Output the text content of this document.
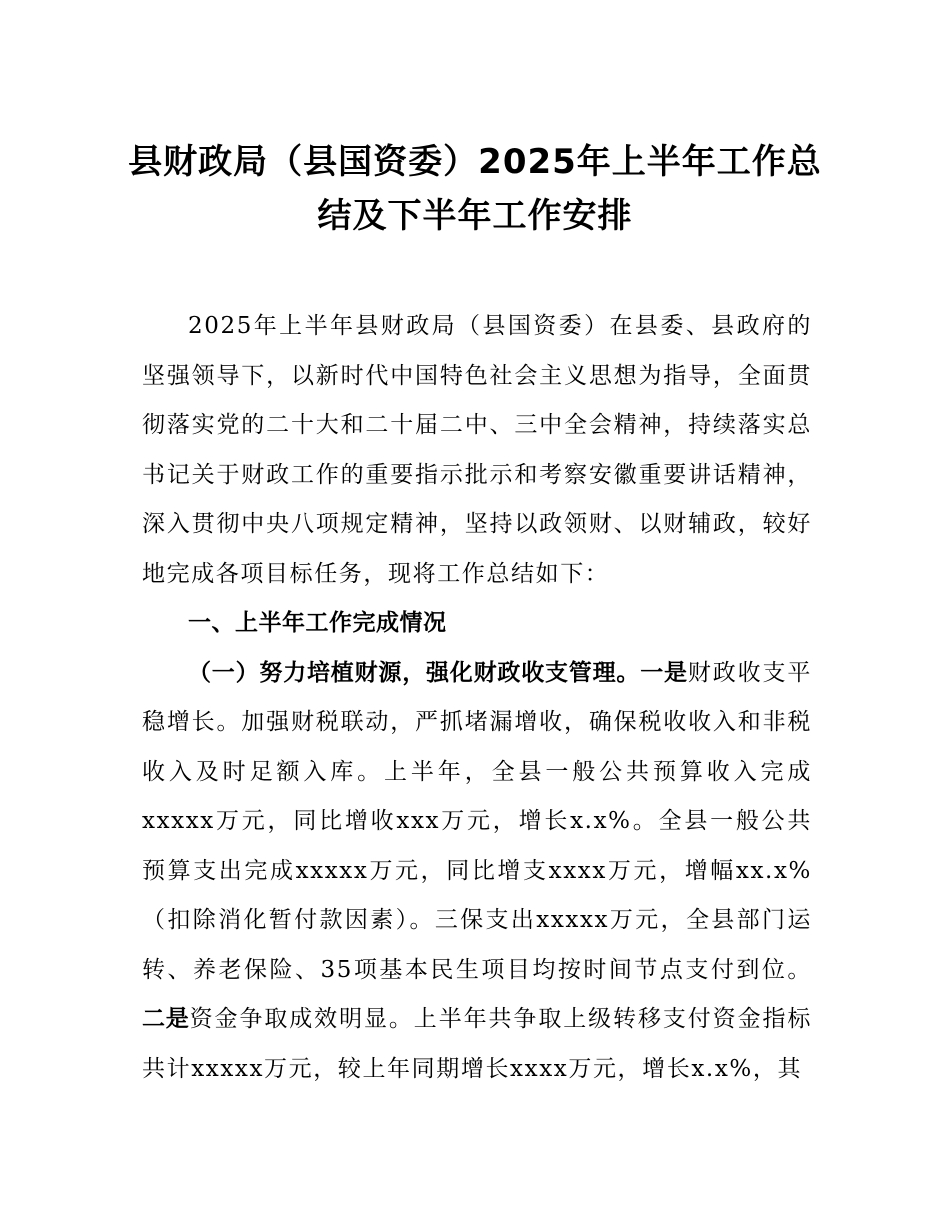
县财政局（县国资委）2025年上半年工作总
结及下半年工作安排

2025年上半年县财政局（县国资委）在县委、县政府的坚强领导下，以新时代中国特色社会主义思想为指导，全面贯彻落实党的二十大和二十届二中、三中全会精神，持续落实总书记关于财政工作的重要指示批示和考察安徽重要讲话精神，深入贯彻中央八项规定精神，坚持以政领财、以财辅政，较好地完成各项目标任务，现将工作总结如下：

一、上半年工作完成情况

（一）努力培植财源，强化财政收支管理。一是财政收支平稳增长。加强财税联动，严抓堵漏增收，确保税收收入和非税收入及时足额入库。上半年，全县一般公共预算收入完成xxxxx万元，同比增收xxx万元，增长x.x%。全县一般公共预算支出完成xxxxx万元，同比增支xxxx万元，增幅xx.x%（扣除消化暂付款因素）。三保支出xxxxx万元，全县部门运转、养老保险、35项基本民生项目均按时间节点支付到位。二是资金争取成效明显。上半年共争取上级转移支付资金指标共计xxxxx万元，较上年同期增长xxxx万元，增长x.x%，其
